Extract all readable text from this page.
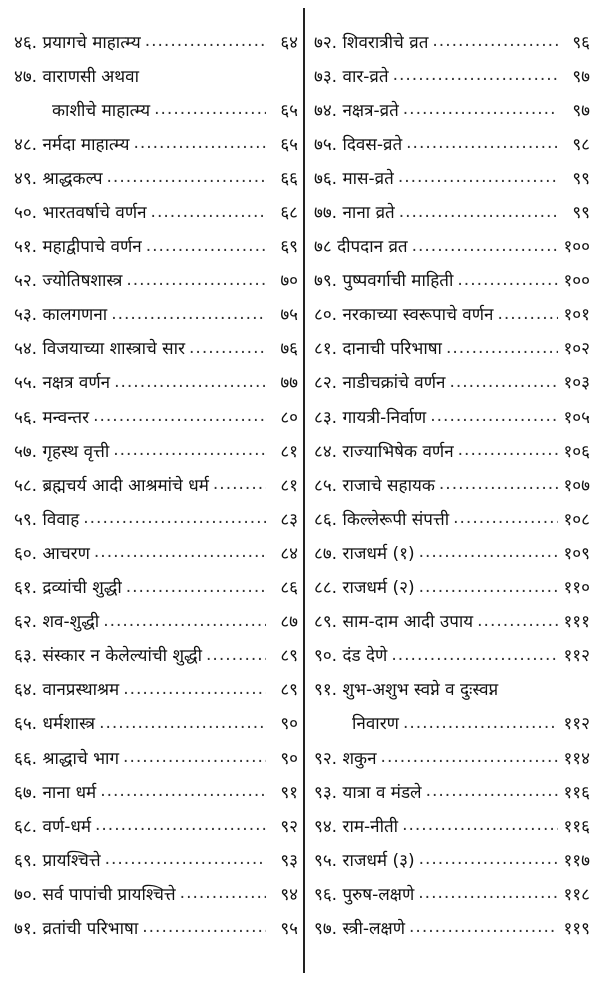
४६. प्रयागचे माहात्म्य .....	६४
४७. वाराणसी अथवा
काशीचे माहात्म्य .....	६५
४८. नर्मदा माहात्म्य .....	६५
४९. श्राद्धकल्प .....	६६
५०. भारतवर्षाचे वर्णन .....	६८
५१. महाद्वीपाचे वर्णन .....	६९
५२. ज्योतिषशास्त्र .....	७०
५३. कालगणना .....	७५
५४. विजयाच्या शास्त्राचे सार .....	७६
५५. नक्षत्र वर्णन .....	७७
५६. मन्वन्तर .....	८०
५७. गृहस्थ वृत्ती .....	८१
५८. ब्रह्मचर्य आदी आश्रमांचे धर्म .....	८१
५९. विवाह .....	८३
६०. आचरण .....	८४
६१. द्रव्यांची शुद्धी .....	८६
६२. शव-शुद्धी .....	८७
६३. संस्कार न केलेल्यांची शुद्धी .....	८९
६४. वानप्रस्थाश्रम .....	८९
६५. धर्मशास्त्र .....	९०
६६. श्राद्धाचे भाग .....	९०
६७. नाना धर्म .....	९१
६८. वर्ण-धर्म .....	९२
६९. प्रायश्चित्ते .....	९३
७०. सर्व पापांची प्रायश्चित्ते .....	९४
७१. व्रतांची परिभाषा .....	९५
७२. शिवरात्रीचे व्रत .....	९६
७३. वार-व्रते .....	९७
७४. नक्षत्र-व्रते .....	९७
७५. दिवस-व्रते .....	९८
७६. मास-व्रते .....	९९
७७. नाना व्रते .....	९९
७८ दीपदान व्रत .....	१००
७९. पुष्पवर्गाची माहिती .....	१००
८०. नरकाच्या स्वरूपाचे वर्णन .....	१०१
८१. दानाची परिभाषा .....	१०२
८२. नाडीचक्रांचे वर्णन .....	१०३
८३. गायत्री-निर्वाण .....	१०५
८४. राज्याभिषेक वर्णन .....	१०६
८५. राजाचे सहायक .....	१०७
८६. किल्लेरूपी संपत्ती .....	१०८
८७. राजधर्म (१) .....	१०९
८८. राजधर्म (२) .....	११०
८९. साम-दाम आदी उपाय .....	१११
९०. दंड देणे .....	११२
९१. शुभ-अशुभ स्वप्ने व दुःस्वप्न
निवारण .....	११२
९२. शकुन .....	११४
९३. यात्रा व मंडले .....	११६
९४. राम-नीती .....	११६
९५. राजधर्म (३) .....	११७
९६. पुरुष-लक्षणे .....	११८
९७. स्त्री-लक्षणे .....	११९
